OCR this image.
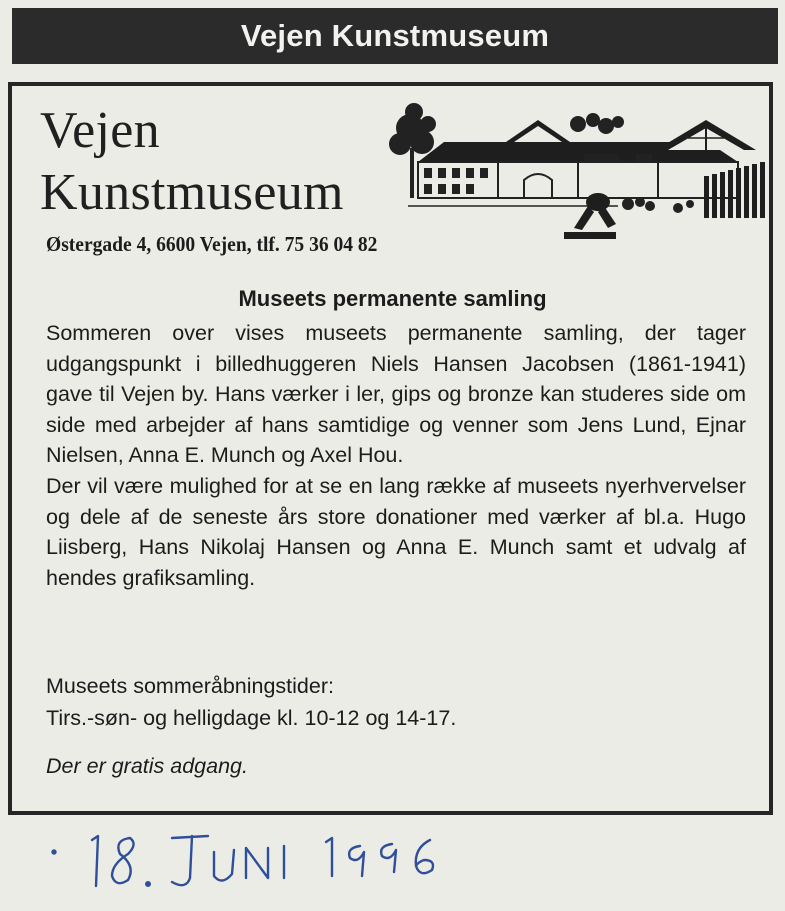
Vejen Kunstmuseum
Vejen
Kunstmuseum
Østergade 4, 6600 Vejen, tlf. 75 36 04 82
Museets permanente samling

Sommeren over vises museets permanente samling, der tager udgangspunkt i billedhuggeren Niels Hansen Jacobsen (1861-1941) gave til Vejen by. Hans værker i ler, gips og bronze kan studeres side om side med arbejder af hans samtidige og venner som Jens Lund, Ejnar Nielsen, Anna E. Munch og Axel Hou.

Der vil være mulighed for at se en lang række af museets nyerhvervelser og dele af de seneste års store donationer med værker af bl.a. Hugo Liisberg, Hans Nikolaj Hansen og Anna E. Munch samt et udvalg af hendes grafiksamling.

Museets sommeråbningstider:
Tirs.-søn- og helligdage kl. 10-12 og 14-17.
Der er gratis adgang.
